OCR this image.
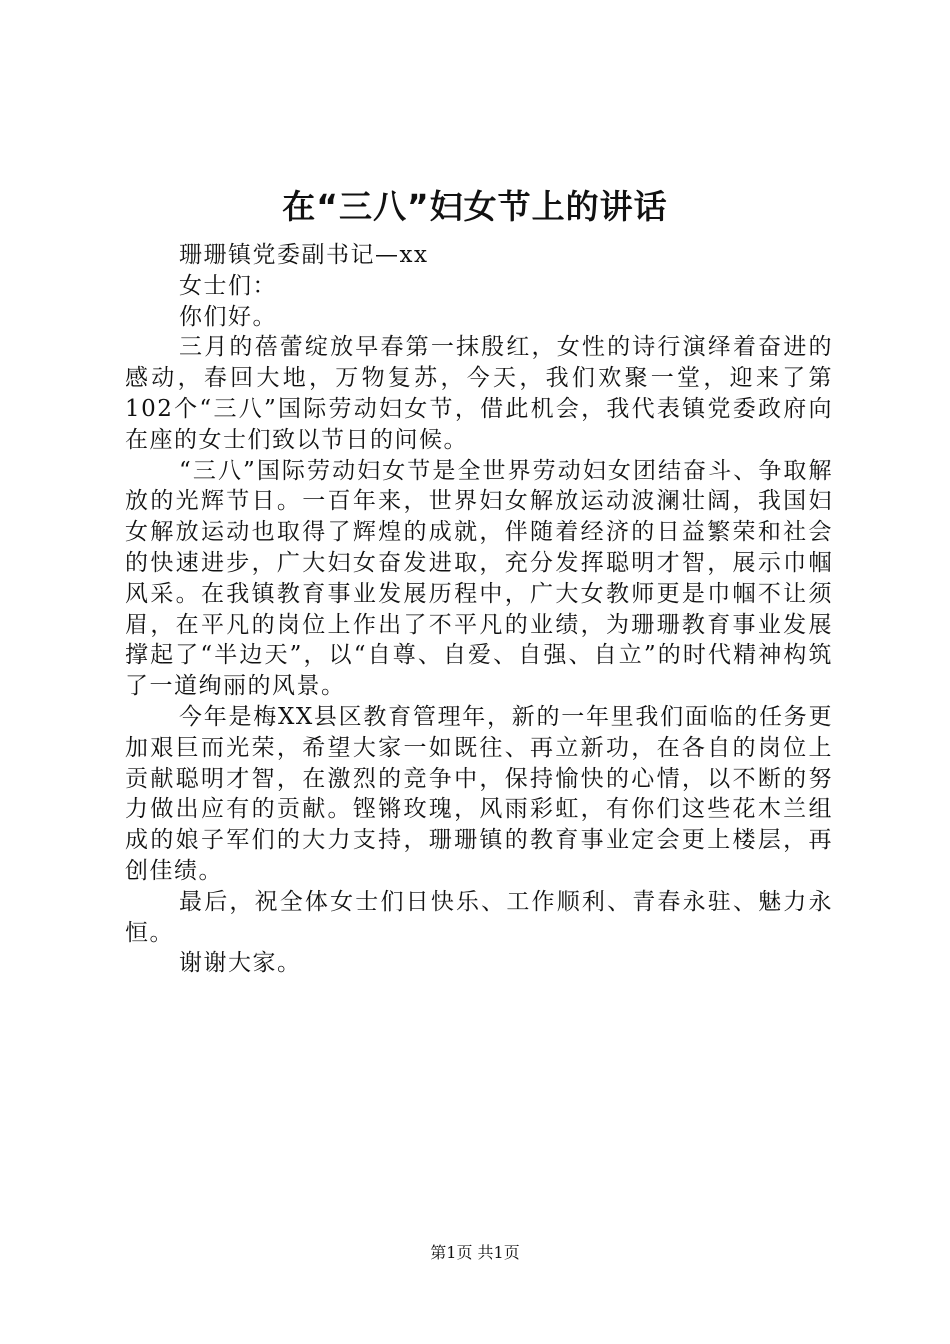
在“三八”妇女节上的讲话

珊珊镇党委副书记—xx

女士们：

你们好。

三月的蓓蕾绽放早春第一抹殷红，女性的诗行演绎着奋进的感动，春回大地，万物复苏，今天，我们欢聚一堂，迎来了第102个“三八”国际劳动妇女节，借此机会，我代表镇党委政府向在座的女士们致以节日的问候。

“三八”国际劳动妇女节是全世界劳动妇女团结奋斗、争取解放的光辉节日。一百年来，世界妇女解放运动波澜壮阔，我国妇女解放运动也取得了辉煌的成就，伴随着经济的日益繁荣和社会的快速进步，广大妇女奋发进取，充分发挥聪明才智，展示巾帼风采。在我镇教育事业发展历程中，广大女教师更是巾帼不让须眉，在平凡的岗位上作出了不平凡的业绩，为珊珊教育事业发展撑起了“半边天”，以“自尊、自爱、自强、自立”的时代精神构筑了一道绚丽的风景。

今年是梅XX县区教育管理年，新的一年里我们面临的任务更加艰巨而光荣，希望大家一如既往、再立新功，在各自的岗位上贡献聪明才智，在激烈的竞争中，保持愉快的心情，以不断的努力做出应有的贡献。铿锵玫瑰，风雨彩虹，有你们这些花木兰组成的娘子军们的大力支持，珊珊镇的教育事业定会更上楼层，再创佳绩。

最后，祝全体女士们日快乐、工作顺利、青春永驻、魅力永恒。

谢谢大家。

第1页 共1页
